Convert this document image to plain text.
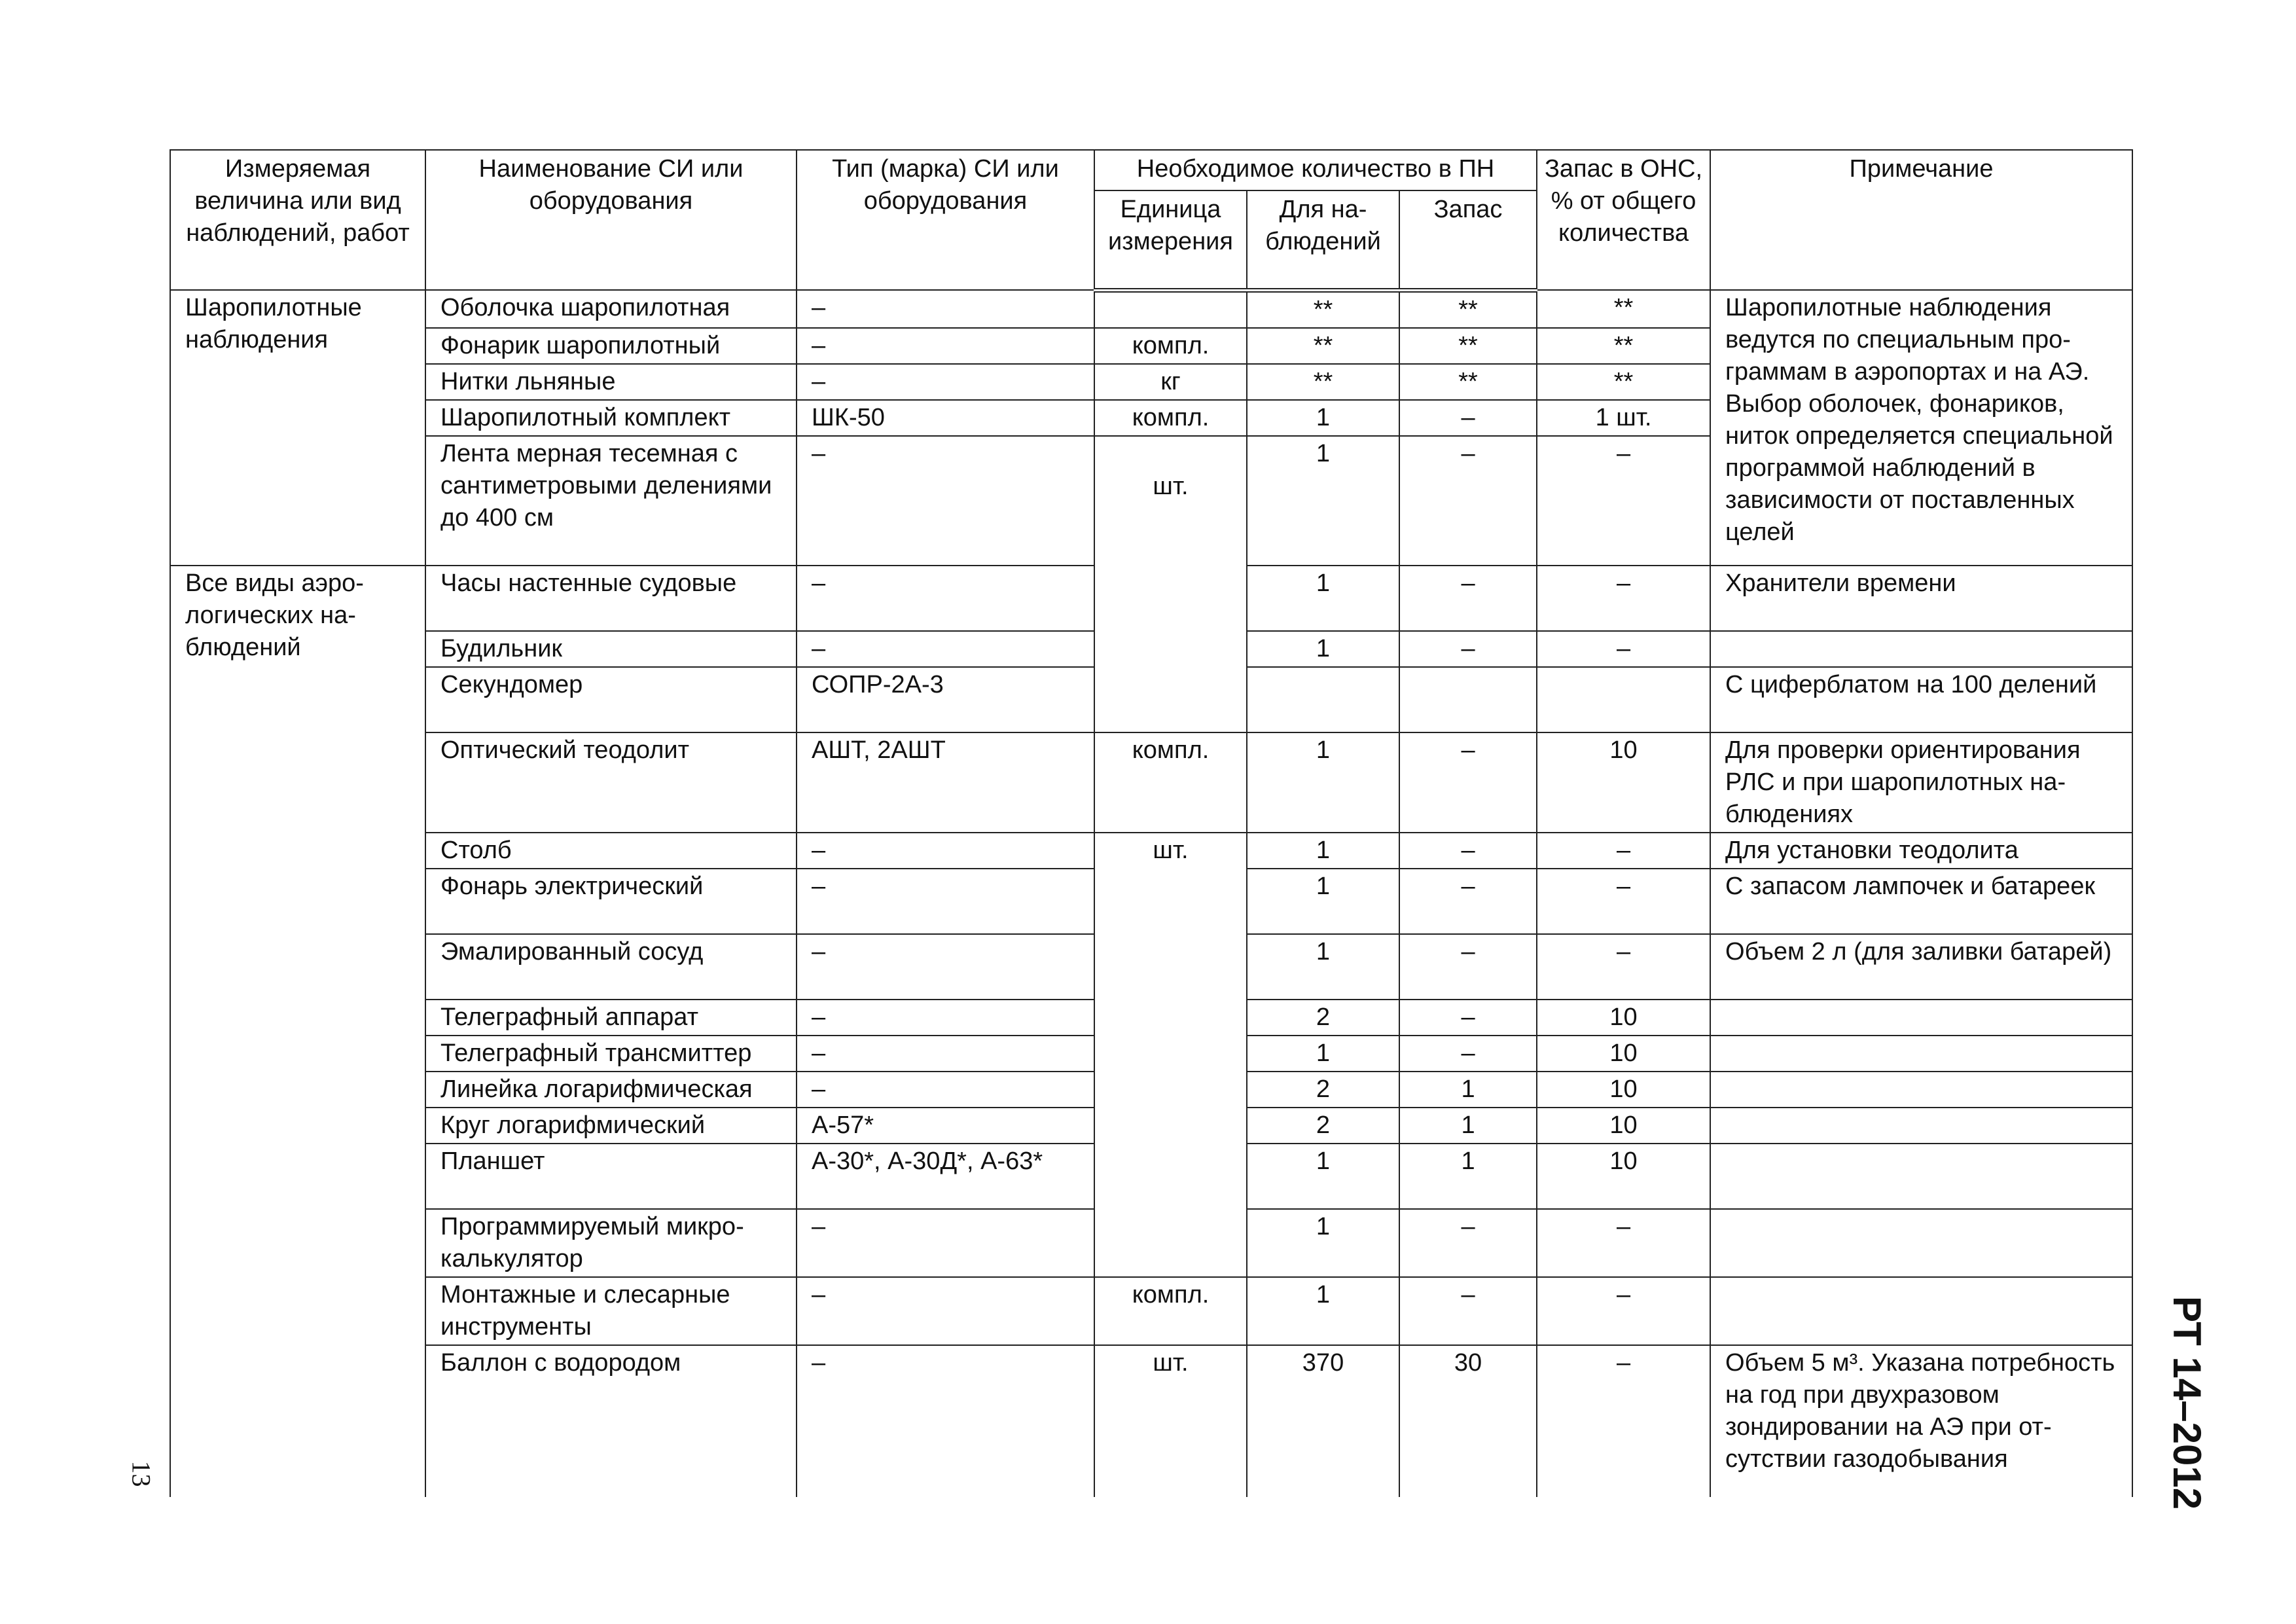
Измеряемая величина или вид наблюдений, работ	Наименование СИ или оборудования	Тип (марка) СИ или оборудования	Необходимое количество в ПН			Запас в ОНС, % от общего количества	Примечание
			Единица измерения	Для наблюдений	Запас		
Шаропилотные наблюдения	Оболочка шаропилотная	–		**	**	**	Шаропилотные наблюдения ведутся по специальным программам в аэропортах и на АЭ. Выбор оболочек, фонариков, ниток определяется специальной программой наблюдений в зависимости от поставленных целей
	Фонарик шаропилотный	–	компл.	**	**	**	
	Нитки льняные	–	кг	**	**	**	
	Шаропилотный комплект	ШК-50	компл.	1	–	1 шт.	
	Лента мерная тесемная с сантиметровыми делениями до 400 см	–	шт.	1	–	–	
Все виды аэрологических наблюдений	Часы настенные судовые	–		1	–	–	Хранители времени
	Будильник	–		1	–	–	
	Секундомер	СОПР-2А-3					С циферблатом на 100 делений
	Оптический теодолит	АШТ, 2АШТ	компл.	1	–	10	Для проверки ориентирования РЛС и при шаропилотных наблюдениях
	Столб	–	шт.	1	–	–	Для установки теодолита
	Фонарь электрический	–		1	–	–	С запасом лампочек и батареек
	Эмалированный сосуд	–		1	–	–	Объем 2 л (для заливки батарей)
	Телеграфный аппарат	–		2	–	10	
	Телеграфный трансмиттер	–		1	–	10	
	Линейка логарифмическая	–		2	1	10	
	Круг логарифмический	А-57*		2	1	10	
	Планшет	А-30*, А-30Д*, А-63*		1	1	10	
	Программируемый микрокалькулятор	–		1	–	–	
	Монтажные и слесарные инструменты	–	компл.	1	–	–	
	Баллон с водородом	–	шт.	370	30	–	Объем 5 м³. Указана потребность на год при двухразовом зондировании на АЭ при отсутствии газодобывания
13	РТ 14–2012
